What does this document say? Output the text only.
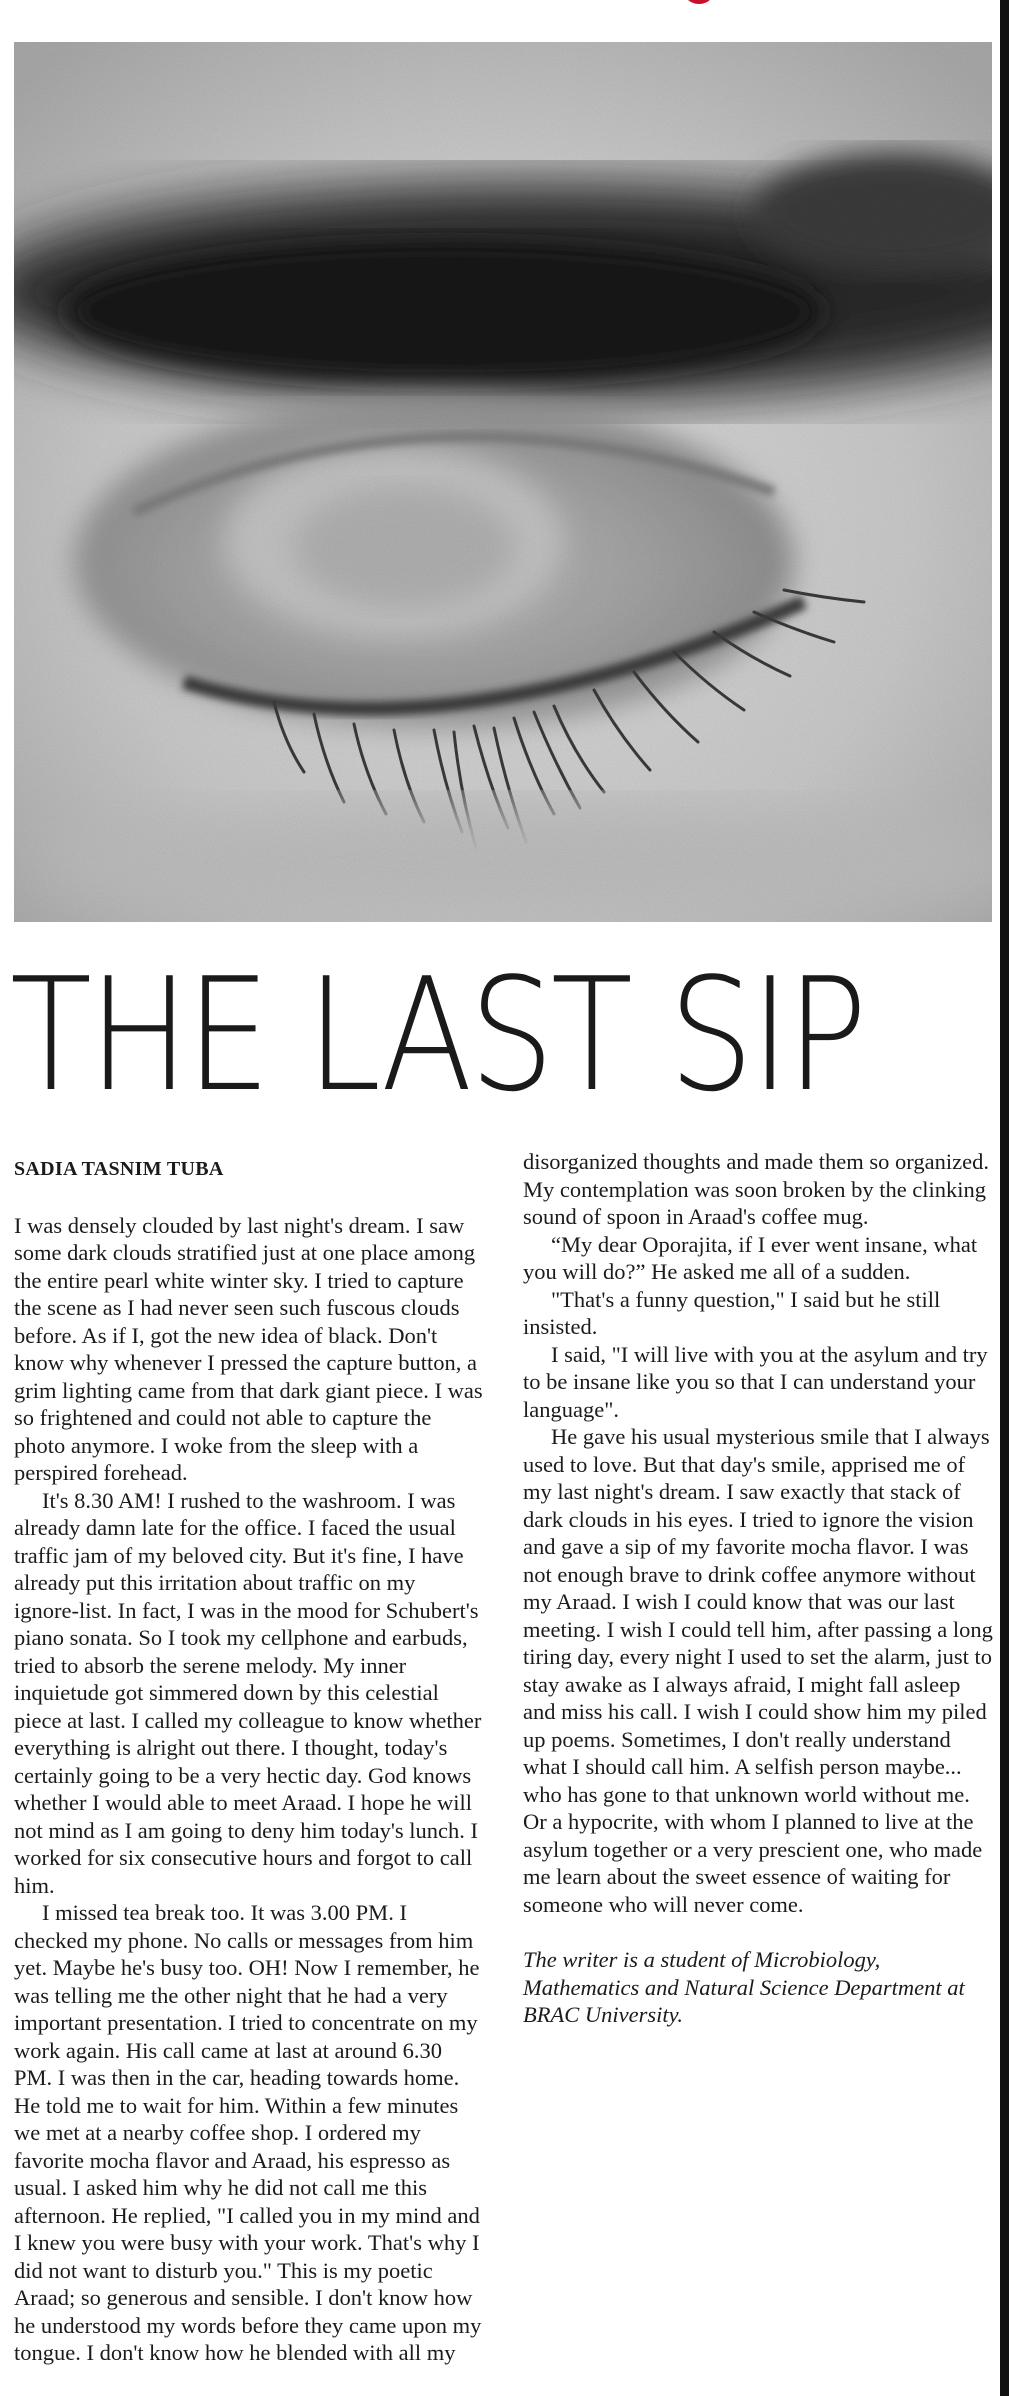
THE LAST SIP
SADIA TASNIM TUBA

I was densely clouded by last night's dream. I saw some dark clouds stratified just at one place among the entire pearl white winter sky. I tried to capture the scene as I had never seen such fuscous clouds before. As if I, got the new idea of black. Don't know why whenever I pressed the capture button, a grim lighting came from that dark giant piece. I was so frightened and could not able to capture the photo anymore. I woke from the sleep with a perspired forehead.

It's 8.30 AM! I rushed to the washroom. I was already damn late for the office. I faced the usual traffic jam of my beloved city. But it's fine, I have already put this irritation about traffic on my ignore-list. In fact, I was in the mood for Schubert's piano sonata. So I took my cellphone and earbuds, tried to absorb the serene melody. My inner inquietude got simmered down by this celestial piece at last. I called my colleague to know whether everything is alright out there. I thought, today's certainly going to be a very hectic day. God knows whether I would able to meet Araad. I hope he will not mind as I am going to deny him today's lunch. I worked for six consecutive hours and forgot to call him.

I missed tea break too. It was 3.00 PM. I checked my phone. No calls or messages from him yet. Maybe he's busy too. OH! Now I remember, he was telling me the other night that he had a very important presentation. I tried to concentrate on my work again. His call came at last at around 6.30 PM. I was then in the car, heading towards home. He told me to wait for him. Within a few minutes we met at a nearby coffee shop. I ordered my favorite mocha flavor and Araad, his espresso as usual. I asked him why he did not call me this afternoon. He replied, "I called you in my mind and I knew you were busy with your work. That's why I did not want to disturb you." This is my poetic Araad; so generous and sensible. I don't know how he understood my words before they came upon my tongue. I don't know how he blended with all my disorganized thoughts and made them so organized. My contemplation was soon broken by the clinking sound of spoon in Araad's coffee mug.

“My dear Oporajita, if I ever went insane, what you will do?” He asked me all of a sudden.

"That's a funny question," I said but he still insisted.

I said, "I will live with you at the asylum and try to be insane like you so that I can understand your language".

He gave his usual mysterious smile that I always used to love. But that day's smile, apprised me of my last night's dream. I saw exactly that stack of dark clouds in his eyes. I tried to ignore the vision and gave a sip of my favorite mocha flavor. I was not enough brave to drink coffee anymore without my Araad. I wish I could know that was our last meeting. I wish I could tell him, after passing a long tiring day, every night I used to set the alarm, just to stay awake as I always afraid, I might fall asleep and miss his call. I wish I could show him my piled up poems. Sometimes, I don't really understand what I should call him. A selfish person maybe... who has gone to that unknown world without me. Or a hypocrite, with whom I planned to live at the asylum together or a very prescient one, who made me learn about the sweet essence of waiting for someone who will never come.

The writer is a student of Microbiology, Mathematics and Natural Science Department at BRAC University.
